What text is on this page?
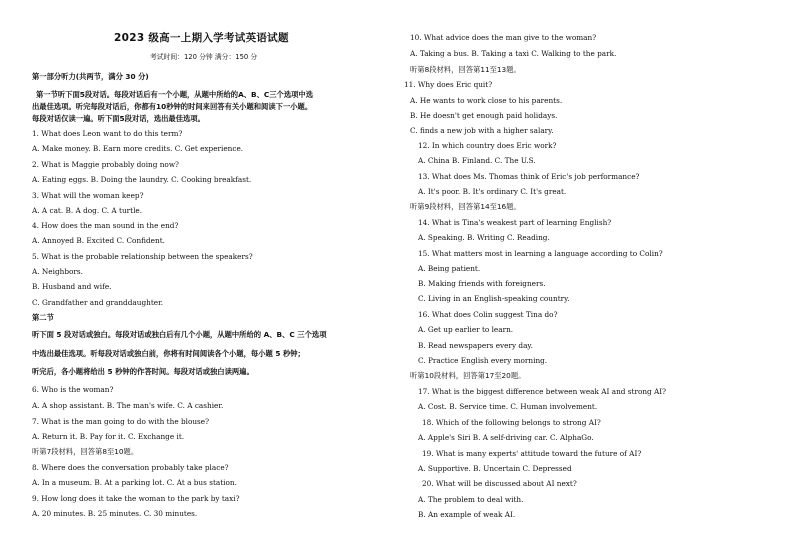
2023 级高一上期入学考试英语试题
考试时间：120 分钟 满分：150 分
第一部分听力(共两节，满分 30 分)
第一节听下面5段对话。每段对话后有一个小题，从题中所给的A、B、C三个选项中选
出最佳选项。听完每段对话后，你都有10秒钟的时间来回答有关小题和阅读下一小题。
每段对话仅读一遍。听下面5段对话，选出最佳选项。
1. What does Leon want to do this term?
A. Make money. B. Earn more credits. C. Get experience.
2. What is Maggie probably doing now?
A. Eating eggs. B. Doing the laundry. C. Cooking breakfast.
3. What will the woman keep?
A. A cat. B. A dog. C. A turtle.
4. How does the man sound in the end?
A. Annoyed B. Excited C. Confident.
5. What is the probable relationship between the speakers?
A. Neighbors.
B. Husband and wife.
C. Grandfather and granddaughter.
第二节
听下面 5 段对话或独白。每段对话或独白后有几个小题，从题中所给的 A、B、C 三个选项
中选出最佳选项。听每段对话或独白前，你将有时间阅读各个小题，每小题 5 秒钟；
听完后，各小题将给出 5 秒钟的作答时间。每段对话或独白读两遍。
6. Who is the woman?
A. A shop assistant. B. The man's wife. C. A cashier.
7. What is the man going to do with the blouse?
A. Return it. B. Pay for it. C. Exchange it.
听第7段材料，回答第8至10题。
8. Where does the conversation probably take place?
A. In a museum. B. At a parking lot. C. At a bus station.
9. How long does it take the woman to the park by taxi?
A. 20 minutes. B. 25 minutes. C. 30 minutes.
10. What advice does the man give to the woman?
A. Taking a bus. B. Taking a taxi C. Walking to the park.
听第8段材料，回答第11至13题。
11. Why does Eric quit?
A. He wants to work close to his parents.
B. He doesn't get enough paid holidays.
C. finds a new job with a higher salary.
12. In which country does Eric work?
A. China B. Finland. C. The U.S.
13. What does Ms. Thomas think of Eric's job performance?
A. It's poor. B. It's ordinary C. It's great.
听第9段材料，回答第14至16题。
14. What is Tina's weakest part of learning English?
A. Speaking. B. Writing C. Reading.
15. What matters most in learning a language according to Colin?
A. Being patient.
B. Making friends with foreigners.
C. Living in an English-speaking country.
16. What does Colin suggest Tina do?
A. Get up earlier to learn.
B. Read newspapers every day.
C. Practice English every morning.
听第10段材料，回答第17至20题。
17. What is the biggest difference between weak AI and strong AI?
A. Cost. B. Service time. C. Human involvement.
18. Which of the following belongs to strong AI?
A. Apple's Siri B. A self-driving car. C. AlphaGo.
19. What is many experts' attitude toward the future of AI?
A. Supportive. B. Uncertain C. Depressed
20. What will be discussed about AI next?
A. The problem to deal with.
B. An example of weak AI.
